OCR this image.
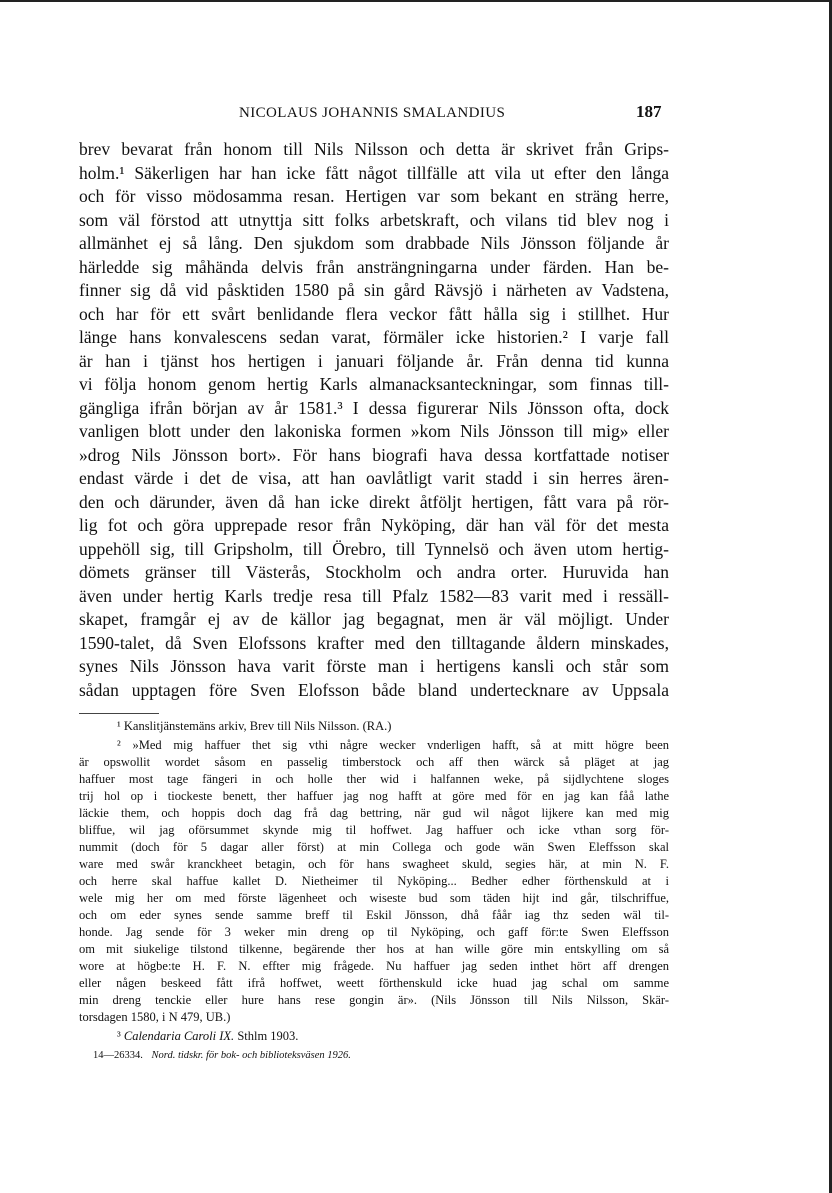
NICOLAUS JOHANNIS SMALANDIUS	187
brev bevarat från honom till Nils Nilsson och detta är skrivet från Grips-
holm.¹ Säkerligen har han icke fått något tillfälle att vila ut efter den långa
och för visso mödosamma resan. Hertigen var som bekant en sträng herre,
som väl förstod att utnyttja sitt folks arbetskraft, och vilans tid blev nog i
allmänhet ej så lång. Den sjukdom som drabbade Nils Jönsson följande år
härledde sig måhända delvis från ansträngningarna under färden. Han be-
finner sig då vid påsktiden 1580 på sin gård Rävsjö i närheten av Vadstena,
och har för ett svårt benlidande flera veckor fått hålla sig i stillhet. Hur
länge hans konvalescens sedan varat, förmäler icke historien.² I varje fall
är han i tjänst hos hertigen i januari följande år. Från denna tid kunna
vi följa honom genom hertig Karls almanacksanteckningar, som finnas till-
gängliga ifrån början av år 1581.³ I dessa figurerar Nils Jönsson ofta, dock
vanligen blott under den lakoniska formen »kom Nils Jönsson till mig» eller
»drog Nils Jönsson bort». För hans biografi hava dessa kortfattade notiser
endast värde i det de visa, att han oavlåtligt varit stadd i sin herres ären-
den och därunder, även då han icke direkt åtföljt hertigen, fått vara på rör-
lig fot och göra upprepade resor från Nyköping, där han väl för det mesta
uppehöll sig, till Gripsholm, till Örebro, till Tynnelsö och även utom hertig-
dömets gränser till Västerås, Stockholm och andra orter. Huruvida han
även under hertig Karls tredje resa till Pfalz 1582—83 varit med i ressäll-
skapet, framgår ej av de källor jag begagnat, men är väl möjligt. Under
1590-talet, då Sven Elofssons krafter med den tilltagande åldern minskades,
synes Nils Jönsson hava varit förste man i hertigens kansli och står som
sådan upptagen före Sven Elofsson både bland undertecknare av Uppsala
¹ Kanslitjänstemäns arkiv, Brev till Nils Nilsson. (RA.)
² »Med mig haffuer thet sig vthi någre wecker vnderligen hafft, så at mitt högre been
är opswollit wordet såsom en passelig timberstock och aff then wärck så pläget at jag
haffuer most tage fängeri in och holle ther wid i halfannen weke, på sijdlychtene sloges
trij hol op i tiockeste benett, ther haffuer jag nog hafft at göre med för en jag kan fåå lathe
läckie them, och hoppis doch dag frå dag bettring, när gud wil något lijkere kan med mig
bliffue, wil jag oförsummet skynde mig til hoffwet. Jag haffuer och icke vthan sorg för-
nummit (doch för 5 dagar aller först) at min Collega och gode wän Swen Eleffsson skal
ware med swår kranckheet betagin, och för hans swagheet skuld, segies här, at min N. F.
och herre skal haffue kallet D. Nietheimer til Nyköping... Bedher edher förthenskuld at i
wele mig her om med förste lägenheet och wiseste bud som täden hijt ind går, tilschriffue,
och om eder synes sende samme breff til Eskil Jönsson, dhå fåår iag thz seden wäl til-
honde. Jag sende för 3 weker min dreng op til Nyköping, och gaff för:te Swen Eleffsson
om mit siukelige tilstond tilkenne, begärende ther hos at han wille göre min entskylling om så
wore at högbe:te H. F. N. effter mig frågede. Nu haffuer jag seden inthet hört aff drengen
eller någen beskeed fått ifrå hoffwet, weett förthenskuld icke huad jag schal om samme
min dreng tenckie eller hure hans rese gongin är». (Nils Jönsson till Nils Nilsson, Skär-
torsdagen 1580, i N 479, UB.)
³ Calendaria Caroli IX. Sthlm 1903.
14—26334. Nord. tidskr. för bok- och biblioteksväsen 1926.
